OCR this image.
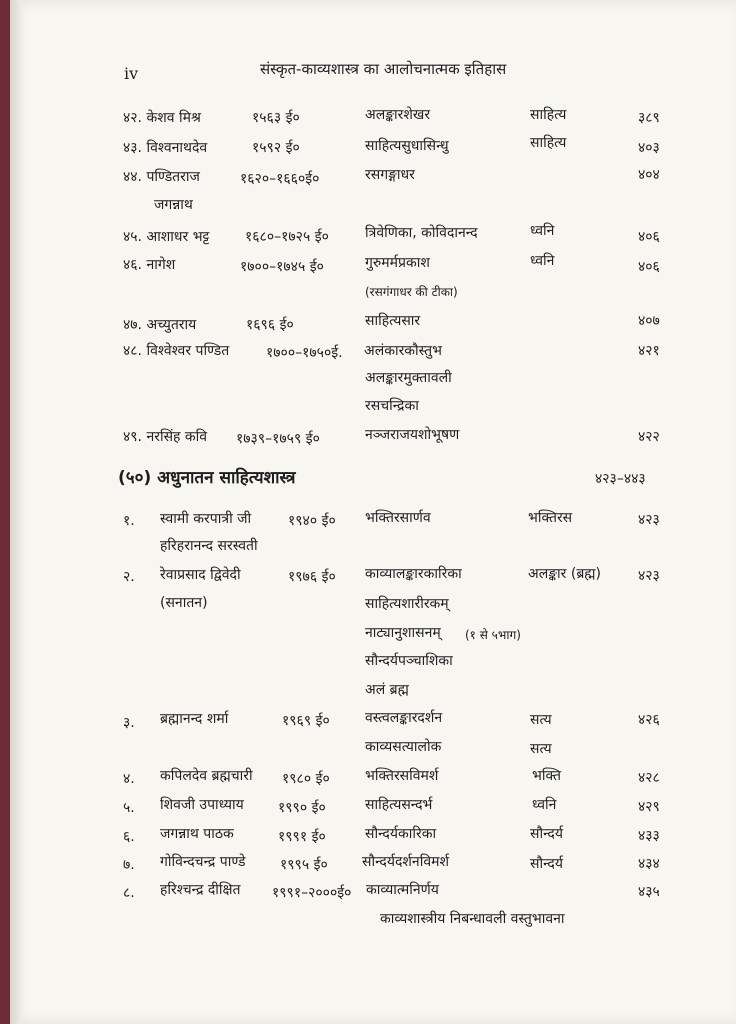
iv	संस्कृत-काव्यशास्त्र का आलोचनात्मक इतिहास
४२. केशव मिश्र	१५६३ ई०	अलङ्कारशेखर	साहित्य	३८९
४३. विश्वनाथदेव	१५९२ ई०	साहित्यसुधासिन्धु	साहित्य	४०३
४४. पण्डितराज	१६२०–१६६०ई०	रसगङ्गाधर	४०४
जगन्नाथ
४५. आशाधर भट्ट	१६८०–१७२५ ई०	त्रिवेणिका, कोविदानन्द	ध्वनि	४०६
४६. नागेश	१७००–१७४५ ई०	गुरुमर्मप्रकाश	ध्वनि	४०६
(रसगंगाधर की टीका)
४७. अच्युतराय	१६९६ ई०	साहित्यसार	४०७
४८. विश्वेश्वर पण्डित	१७००–१७५०ई. अलंकारकौस्तुभ	४२१
अलङ्कारमुक्तावली
रसचन्द्रिका
४९. नरसिंह कवि १७३९–१७५९ ई०	नञ्जराजयशोभूषण	४२२
(५०) अधुनातन साहित्यशास्त्र	४२३–४४३
१. स्वामी करपात्री जी	१९४० ई० भक्तिरसार्णव	भक्तिरस	४२३
हरिहरानन्द सरस्वती
२. रेवाप्रसाद द्विवेदी	१९७६ ई० काव्यालङ्कारकारिका	अलङ्कार (ब्रह्म)	४२३
(सनातन)	साहित्यशारीरकम्
नाट्यानुशासनम् (१ से ५भाग)
सौन्दर्यपञ्चाशिका
अलं ब्रह्म
३. ब्रह्मानन्द शर्मा	१९६९ ई०	वस्त्वलङ्कारदर्शन	सत्य	४२६
काव्यसत्यालोक	सत्य
४. कपिलदेव ब्रह्मचारी १९८० ई०	भक्तिरसविमर्श	भक्ति	४२८
५. शिवजी उपाध्याय १९९० ई०	साहित्यसन्दर्भ	ध्वनि	४२९
६. जगन्नाथ पाठक	१९९१ ई०	सौन्दर्यकारिका	सौन्दर्य	४३३
७. गोविन्दचन्द्र पाण्डे १९९५ ई० सौन्दर्यदर्शनविमर्श	सौन्दर्य	४३४
८. हरिश्चन्द्र दीक्षित १९९१–२०००ई० काव्यात्मनिर्णय	४३५
काव्यशास्त्रीय निबन्धावली वस्तुभावना
